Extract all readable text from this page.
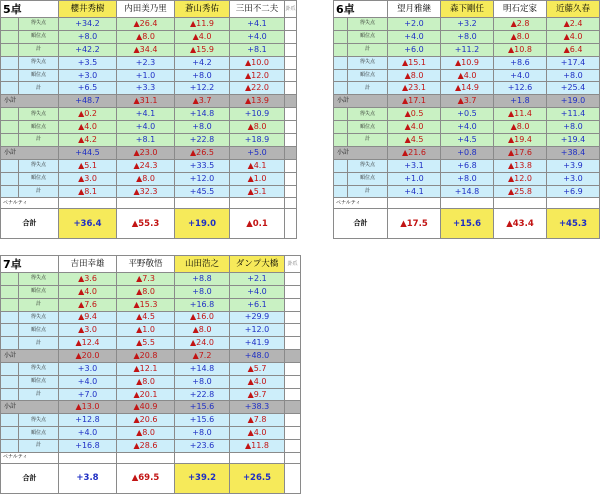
5卓		櫻井秀樹	内田美乃里	蒼山秀佑	三田不二夫	卦爪
	得失点	+34.2	▲26.4	▲11.9	+4.1	
	順位点	+8.0	▲8.0	▲4.0	+4.0	
	計	+42.2	▲34.4	▲15.9	+8.1	
	得失点	+3.5	+2.3	+4.2	▲10.0	
	順位点	+3.0	+1.0	+8.0	▲12.0	
	計	+6.5	+3.3	+12.2	▲22.0	
小計		+48.7	▲31.1	▲3.7	▲13.9	
	得失点	▲0.2	+4.1	+14.8	+10.9	
	順位点	▲4.0	+4.0	+8.0	▲8.0	
	計	▲4.2	+8.1	+22.8	+18.9	
小計		+44.5	▲23.0	▲26.5	+5.0	
	得失点	▲5.1	▲24.3	+33.5	▲4.1	
	順位点	▲3.0	▲8.0	+12.0	▲1.0	
	計	▲8.1	▲32.3	+45.5	▲5.1	
ペナルティ						
合計		+36.4	▲55.3	+19.0	▲0.1	
6卓		望月雅継	森下剛任	明石定家	近藤久春
	得失点	+2.0	+3.2	▲2.8	▲2.4
	順位点	+4.0	+8.0	▲8.0	▲4.0
	計	+6.0	+11.2	▲10.8	▲6.4
	得失点	▲15.1	▲10.9	+8.6	+17.4
	順位点	▲8.0	▲4.0	+4.0	+8.0
	計	▲23.1	▲14.9	+12.6	+25.4
小計		▲17.1	▲3.7	+1.8	+19.0
	得失点	▲0.5	+0.5	▲11.4	+11.4
	順位点	▲4.0	+4.0	▲8.0	+8.0
	計	▲4.5	+4.5	▲19.4	+19.4
小計		▲21.6	+0.8	▲17.6	+38.4
	得失点	+3.1	+6.8	▲13.8	+3.9
	順位点	+1.0	+8.0	▲12.0	+3.0
	計	+4.1	+14.8	▲25.8	+6.9
ペナルティ					
合計		▲17.5	+15.6	▲43.4	+45.3
7卓		吉田幸雄	平野敬悟	山田浩之	ダンプ大橋	卦爪
	得失点	▲3.6	▲7.3	+8.8	+2.1	
	順位点	▲4.0	▲8.0	+8.0	+4.0	
	計	▲7.6	▲15.3	+16.8	+6.1	
	得失点	▲9.4	▲4.5	▲16.0	+29.9	
	順位点	▲3.0	▲1.0	▲8.0	+12.0	
	計	▲12.4	▲5.5	▲24.0	+41.9	
小計		▲20.0	▲20.8	▲7.2	+48.0	
	得失点	+3.0	▲12.1	+14.8	▲5.7	
	順位点	+4.0	▲8.0	+8.0	▲4.0	
	計	+7.0	▲20.1	+22.8	▲9.7	
小計		▲13.0	▲40.9	+15.6	+38.3	
	得失点	+12.8	▲20.6	+15.6	▲7.8	
	順位点	+4.0	▲8.0	+8.0	▲4.0	
	計	+16.8	▲28.6	+23.6	▲11.8	
ペナルティ						
合計		+3.8	▲69.5	+39.2	+26.5	
